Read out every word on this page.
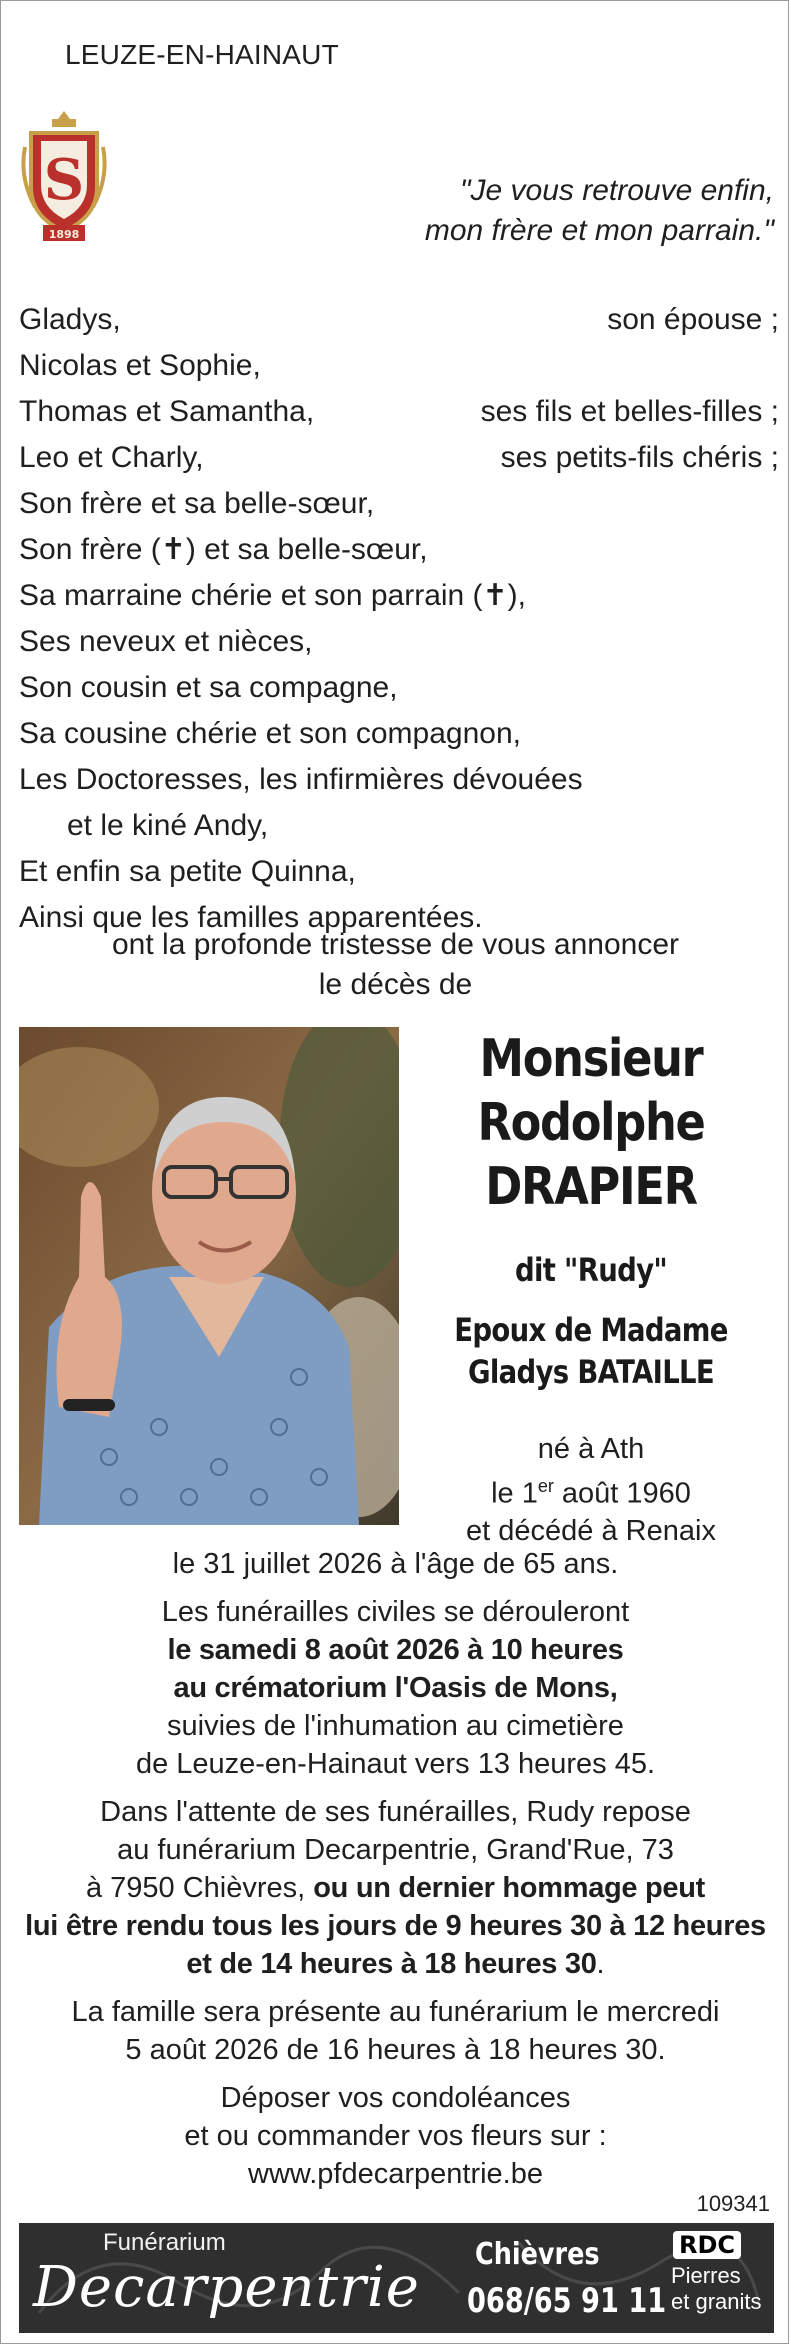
LEUZE-EN-HAINAUT
S
1898
"Je vous retrouve enfin,
mon frère et mon parrain."
Gladys,	son épouse ;
Nicolas et Sophie,
Thomas et Samantha,	ses fils et belles-filles ;
Leo et Charly,	ses petits-fils chéris ;
Son frère et sa belle-sœur,
Son frère (✝) et sa belle-sœur,
Sa marraine chérie et son parrain (✝),
Ses neveux et nièces,
Son cousin et sa compagne,
Sa cousine chérie et son compagnon,
Les Doctoresses, les infirmières dévouées
et le kiné Andy,
Et enfin sa petite Quinna,
Ainsi que les familles apparentées.
ont la profonde tristesse de vous annoncer
le décès de
Monsieur
Rodolphe
DRAPIER
dit "Rudy"
Epoux de Madame
Gladys BATAILLE
né à Ath
le 1er août 1960
et décédé à Renaix
le 31 juillet 2026 à l'âge de 65 ans.
Les funérailles civiles se dérouleront
le samedi 8 août 2026 à 10 heures
au crématorium l'Oasis de Mons,
suivies de l'inhumation au cimetière
de Leuze-en-Hainaut vers 13 heures 45.
Dans l'attente de ses funérailles, Rudy repose
au funérarium Decarpentrie, Grand'Rue, 73
à 7950 Chièvres, ou un dernier hommage peut
lui être rendu tous les jours de 9 heures 30 à 12 heures
et de 14 heures à 18 heures 30.
La famille sera présente au funérarium le mercredi
5 août 2026 de 16 heures à 18 heures 30.
Déposer vos condoléances
et ou commander vos fleurs sur :
www.pfdecarpentrie.be
109341
Funérarium
Decarpentrie
Chièvres
068/65 91 11
RDC
Pierres
et granits
